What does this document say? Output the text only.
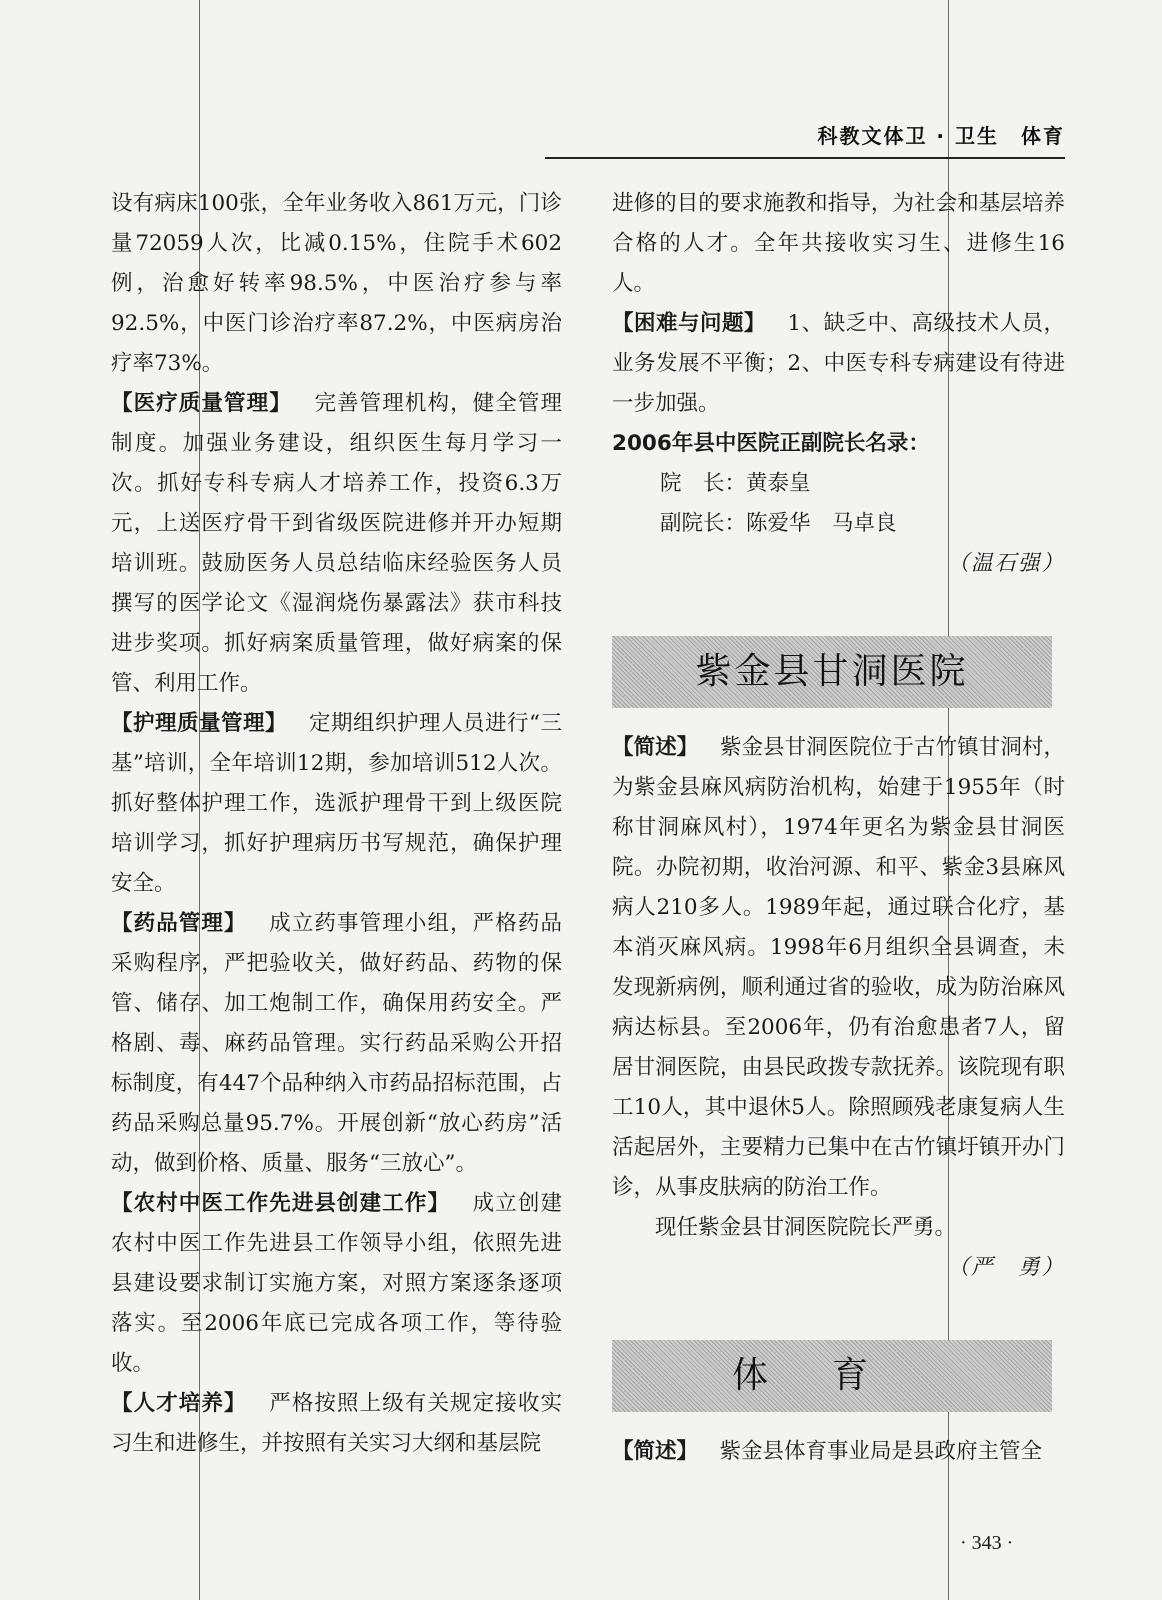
科教文体卫 · 卫生　体育

设有病床100张，全年业务收入861万元，门诊量72059人次，比减0.15%，住院手术602例，治愈好转率98.5%，中医治疗参与率92.5%，中医门诊治疗率87.2%，中医病房治疗率73%。

【医疗质量管理】  完善管理机构，健全管理制度。加强业务建设，组织医生每月学习一次。抓好专科专病人才培养工作，投资6.3万元，上送医疗骨干到省级医院进修并开办短期培训班。鼓励医务人员总结临床经验医务人员撰写的医学论文《湿润烧伤暴露法》获市科技进步奖项。抓好病案质量管理，做好病案的保管、利用工作。

【护理质量管理】  定期组织护理人员进行“三基”培训，全年培训12期，参加培训512人次。抓好整体护理工作，选派护理骨干到上级医院培训学习，抓好护理病历书写规范，确保护理安全。

【药品管理】  成立药事管理小组，严格药品采购程序，严把验收关，做好药品、药物的保管、储存、加工炮制工作，确保用药安全。严格剧、毒、麻药品管理。实行药品采购公开招标制度，有447个品种纳入市药品招标范围，占药品采购总量95.7%。开展创新“放心药房”活动，做到价格、质量、服务“三放心”。

【农村中医工作先进县创建工作】  成立创建农村中医工作先进县工作领导小组，依照先进县建设要求制订实施方案，对照方案逐条逐项落实。至2006年底已完成各项工作，等待验收。

【人才培养】  严格按照上级有关规定接收实习生和进修生，并按照有关实习大纲和基层院

进修的目的要求施教和指导，为社会和基层培养合格的人才。全年共接收实习生、进修生16人。

【困难与问题】  1、缺乏中、高级技术人员，业务发展不平衡；2、中医专科专病建设有待进一步加强。

2006年县中医院正副院长名录：

院　长：黄泰皇

副院长：陈爱华　马卓良

（温石强）

紫金县甘洞医院

【简述】  紫金县甘洞医院位于古竹镇甘洞村，为紫金县麻风病防治机构，始建于1955年（时称甘洞麻风村），1974年更名为紫金县甘洞医院。办院初期，收治河源、和平、紫金3县麻风病人210多人。1989年起，通过联合化疗，基本消灭麻风病。1998年6月组织全县调查，未发现新病例，顺利通过省的验收，成为防治麻风病达标县。至2006年，仍有治愈患者7人，留居甘洞医院，由县民政拨专款抚养。该院现有职工10人，其中退休5人。除照顾残老康复病人生活起居外，主要精力已集中在古竹镇圩镇开办门诊，从事皮肤病的防治工作。

现任紫金县甘洞医院院长严勇。

（严　勇）

体育

【简述】  紫金县体育事业局是县政府主管全

· 343 ·
